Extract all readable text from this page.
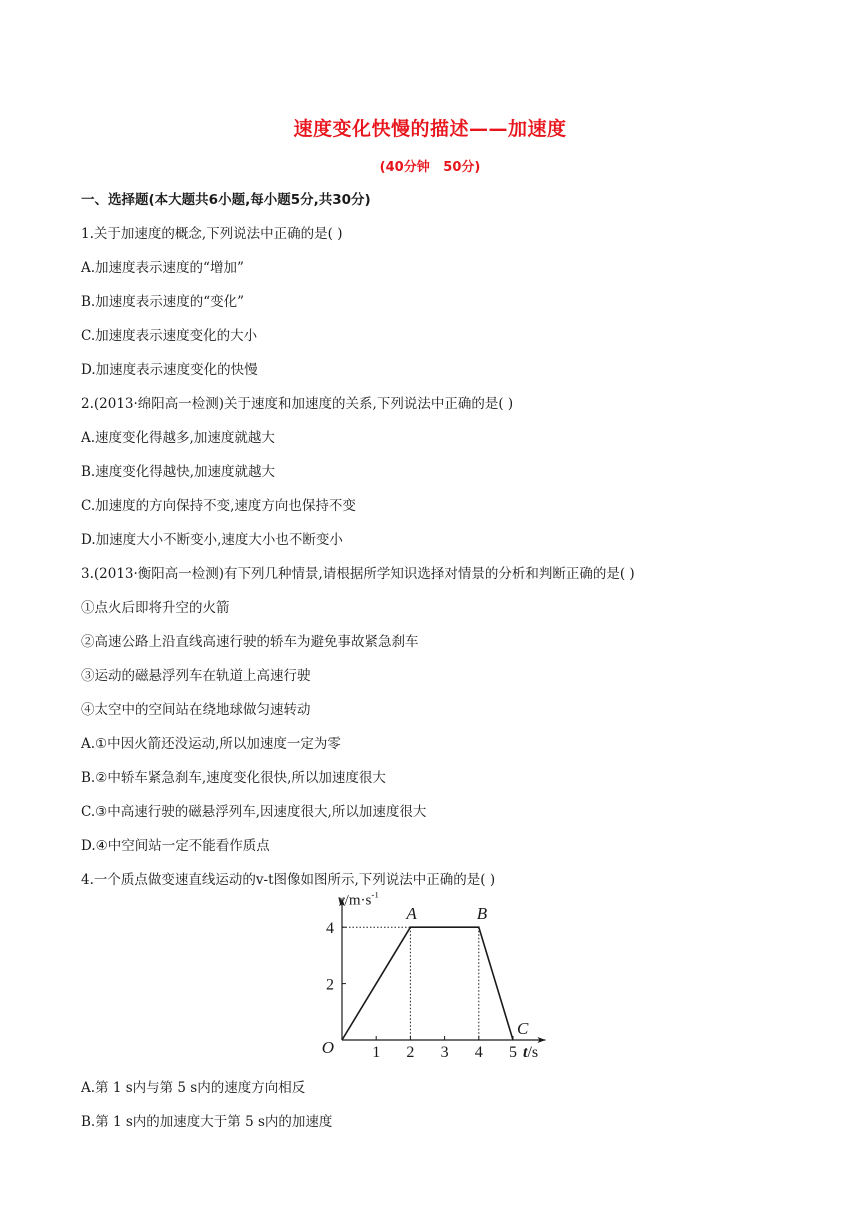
速度变化快慢的描述——加速度
(40分钟   50分)
一、选择题(本大题共6小题,每小题5分,共30分)
1.关于加速度的概念,下列说法中正确的是( )
A.加速度表示速度的“增加”
B.加速度表示速度的“变化”
C.加速度表示速度变化的大小
D.加速度表示速度变化的快慢
2.(2013·绵阳高一检测)关于速度和加速度的关系,下列说法中正确的是( )
A.速度变化得越多,加速度就越大
B.速度变化得越快,加速度就越大
C.加速度的方向保持不变,速度方向也保持不变
D.加速度大小不断变小,速度大小也不断变小
3.(2013·衡阳高一检测)有下列几种情景,请根据所学知识选择对情景的分析和判断正确的是( )
①点火后即将升空的火箭
②高速公路上沿直线高速行驶的轿车为避免事故紧急刹车
③运动的磁悬浮列车在轨道上高速行驶
④太空中的空间站在绕地球做匀速转动
A.①中因火箭还没运动,所以加速度一定为零
B.②中轿车紧急刹车,速度变化很快,所以加速度很大
C.③中高速行驶的磁悬浮列车,因速度很大,所以加速度很大
D.④中空间站一定不能看作质点
4.一个质点做变速直线运动的v-t图像如图所示,下列说法中正确的是( )
1 2 3 4 5
2
4
O
$v/m\cdot s^{-1}$
t/s
A	B
C
A.第 1 s内与第 5 s内的速度方向相反
B.第 1 s内的加速度大于第 5 s内的加速度
